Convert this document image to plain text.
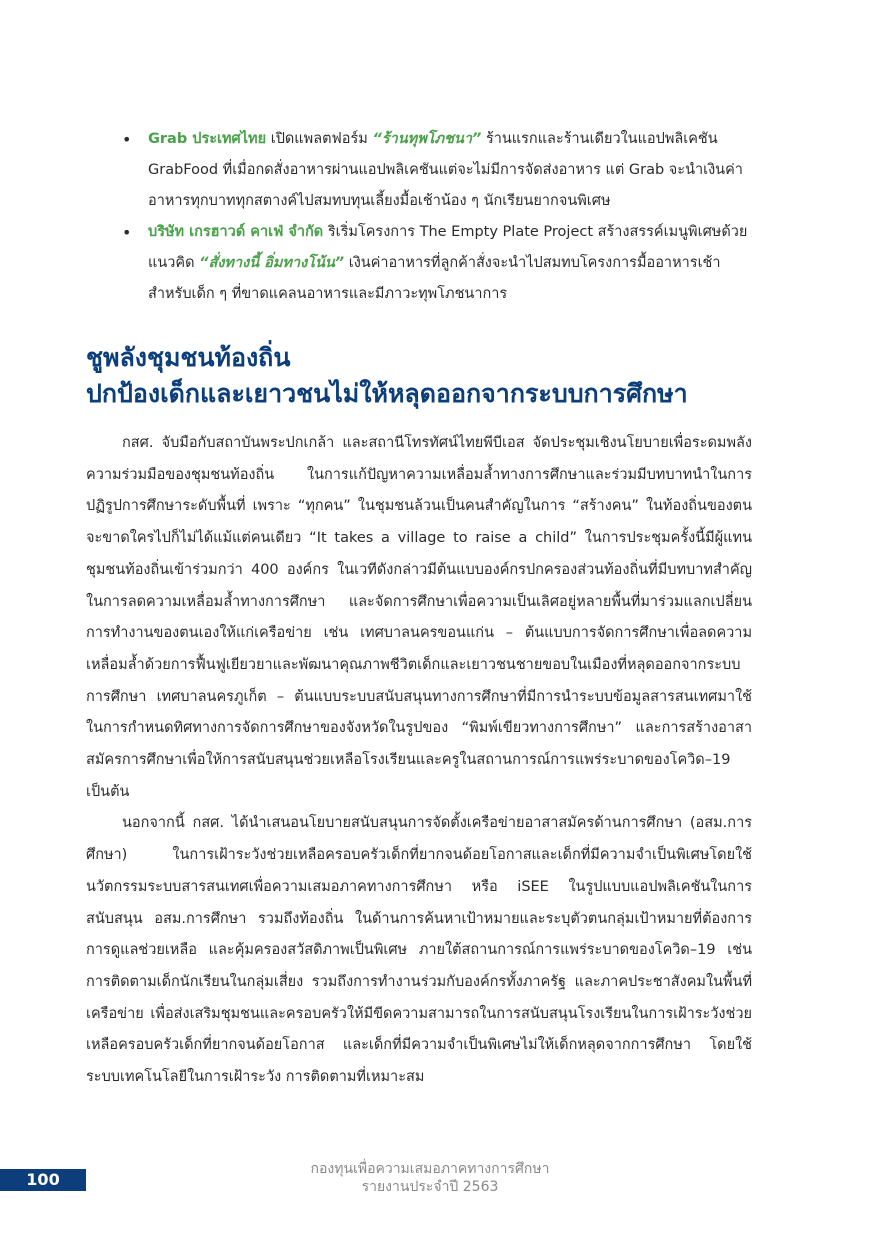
• Grab ประเทศไทย เปิดแพลตฟอร์ม “ร้านทุพโภชนา” ร้านแรกและร้านเดียวในแอปพลิเคชัน GrabFood ที่เมื่อกดสั่งอาหารผ่านแอปพลิเคชันแต่จะไม่มีการจัดส่งอาหาร แต่ Grab จะนำเงินค่าอาหารทุกบาททุกสตางค์ไปสมทบทุนเลี้ยงมื้อเช้าน้อง ๆ นักเรียนยากจนพิเศษ
• บริษัท เกรฮาวด์ คาเฟ่ จำกัด ริเริ่มโครงการ The Empty Plate Project สร้างสรรค์เมนูพิเศษด้วยแนวคิด “สั่งทางนี้ อิ่มทางโน้น” เงินค่าอาหารที่ลูกค้าสั่งจะนำไปสมทบโครงการมื้ออาหารเช้าสำหรับเด็ก ๆ ที่ขาดแคลนอาหารและมีภาวะทุพโภชนาการ
ชูพลังชุมชนท้องถิ่น
ปกป้องเด็กและเยาวชนไม่ให้หลุดออกจากระบบการศึกษา

กสศ. จับมือกับสถาบันพระปกเกล้า และสถานีโทรทัศน์ไทยพีบีเอส จัดประชุมเชิงนโยบายเพื่อระดมพลังความร่วมมือของชุมชนท้องถิ่น ในการแก้ปัญหาความเหลื่อมล้ำทางการศึกษาและร่วมมีบทบาทนำในการปฏิรูปการศึกษาระดับพื้นที่ เพราะ “ทุกคน” ในชุมชนล้วนเป็นคนสำคัญในการ “สร้างคน” ในท้องถิ่นของตนจะขาดใครไปก็ไม่ได้แม้แต่คนเดียว “It takes a village to raise a child” ในการประชุมครั้งนี้มีผู้แทนชุมชนท้องถิ่นเข้าร่วมกว่า 400 องค์กร ในเวทีดังกล่าวมีต้นแบบองค์กรปกครองส่วนท้องถิ่นที่มีบทบาทสำคัญในการลดความเหลื่อมล้ำทางการศึกษา และจัดการศึกษาเพื่อความเป็นเลิศอยู่หลายพื้นที่มาร่วมแลกเปลี่ยนการทำงานของตนเองให้แก่เครือข่าย เช่น เทศบาลนครขอนแก่น – ต้นแบบการจัดการศึกษาเพื่อลดความเหลื่อมล้ำด้วยการฟื้นฟูเยียวยาและพัฒนาคุณภาพชีวิตเด็กและเยาวชนชายขอบในเมืองที่หลุดออกจากระบบการศึกษา เทศบาลนครภูเก็ต – ต้นแบบระบบสนับสนุนทางการศึกษาที่มีการนำระบบข้อมูลสารสนเทศมาใช้ในการกำหนดทิศทางการจัดการศึกษาของจังหวัดในรูปของ “พิมพ์เขียวทางการศึกษา” และการสร้างอาสาสมัครการศึกษาเพื่อให้การสนับสนุนช่วยเหลือโรงเรียนและครูในสถานการณ์การแพร่ระบาดของโควิด–19 เป็นต้น

นอกจากนี้ กสศ. ได้นำเสนอนโยบายสนับสนุนการจัดตั้งเครือข่ายอาสาสมัครด้านการศึกษา (อสม.การศึกษา) ในการเฝ้าระวังช่วยเหลือครอบครัวเด็กที่ยากจนด้อยโอกาสและเด็กที่มีความจำเป็นพิเศษโดยใช้นวัตกรรมระบบสารสนเทศเพื่อความเสมอภาคทางการศึกษา หรือ iSEE ในรูปแบบแอปพลิเคชันในการสนับสนุน อสม.การศึกษา รวมถึงท้องถิ่น ในด้านการค้นหาเป้าหมายและระบุตัวตนกลุ่มเป้าหมายที่ต้องการการดูแลช่วยเหลือ และคุ้มครองสวัสดิภาพเป็นพิเศษ ภายใต้สถานการณ์การแพร่ระบาดของโควิด–19 เช่น การติดตามเด็กนักเรียนในกลุ่มเสี่ยง รวมถึงการทำงานร่วมกับองค์กรทั้งภาครัฐ และภาคประชาสังคมในพื้นที่เครือข่าย เพื่อส่งเสริมชุมชนและครอบครัวให้มีขีดความสามารถในการสนับสนุนโรงเรียนในการเฝ้าระวังช่วยเหลือครอบครัวเด็กที่ยากจนด้อยโอกาส และเด็กที่มีความจำเป็นพิเศษไม่ให้เด็กหลุดจากการศึกษา โดยใช้ระบบเทคโนโลยีในการเฝ้าระวัง การติดตามที่เหมาะสม

100
กองทุนเพื่อความเสมอภาคทางการศึกษา
รายงานประจำปี 2563
